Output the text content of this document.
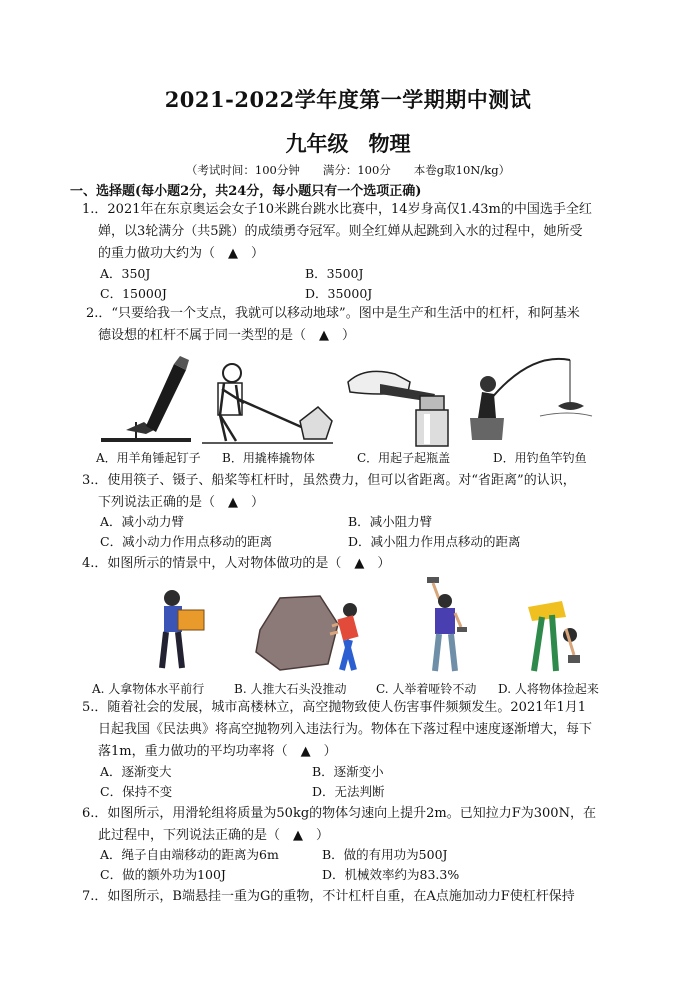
2021-2022学年度第一学期期中测试
九年级 物理
（考试时间：100分钟　　满分：100分　　本卷g取10N/kg）
一、选择题(每小题2分，共24分，每小题只有一个选项正确)
1.．2021年在东京奥运会女子10米跳台跳水比赛中，14岁身高仅1.43m的中国选手全红
婵，以3轮满分（共5跳）的成绩勇夺冠军。则全红婵从起跳到入水的过程中，她所受
的重力做功大约为（　▲　）
A．350J	B．3500J
C．15000J	D．35000J
2.．“只要给我一个支点，我就可以移动地球”。图中是生产和生活中的杠杆，和阿基米
德设想的杠杆不属于同一类型的是（　▲　）
A．用羊角锤起钉子 B．用撬棒撬物体	C．用起子起瓶盖	D．用钓鱼竿钓鱼
3.．使用筷子、镊子、船桨等杠杆时，虽然费力，但可以省距离。对“省距离”的认识，
下列说法正确的是（　▲　）
A．减小动力臂	B．减小阻力臂
C．减小动力作用点移动的距离	D．减小阻力作用点移动的距离
4.．如图所示的情景中，人对物体做功的是（　▲　）
A. 人拿物体水平前行 B. 人推大石头没推动 C. 人举着哑铃不动 D. 人将物体捡起来
5.．随着社会的发展，城市高楼林立，高空抛物致使人伤害事件频频发生。2021年1月1
日起我国《民法典》将高空抛物列入违法行为。物体在下落过程中速度逐渐增大，每下
落1m，重力做功的平均功率将（　▲　）
A．逐渐变大	B．逐渐变小
C．保持不变	D．无法判断
6.．如图所示，用滑轮组将质量为50kg的物体匀速向上提升2m。已知拉力F为300N，在
此过程中，下列说法正确的是（　▲　）
A．绳子自由端移动的距离为6m	B．做的有用功为500J
C．做的额外功为100J	D．机械效率约为83.3%
7.．如图所示，B端悬挂一重为G的重物，不计杠杆自重，在A点施加动力F使杠杆保持
